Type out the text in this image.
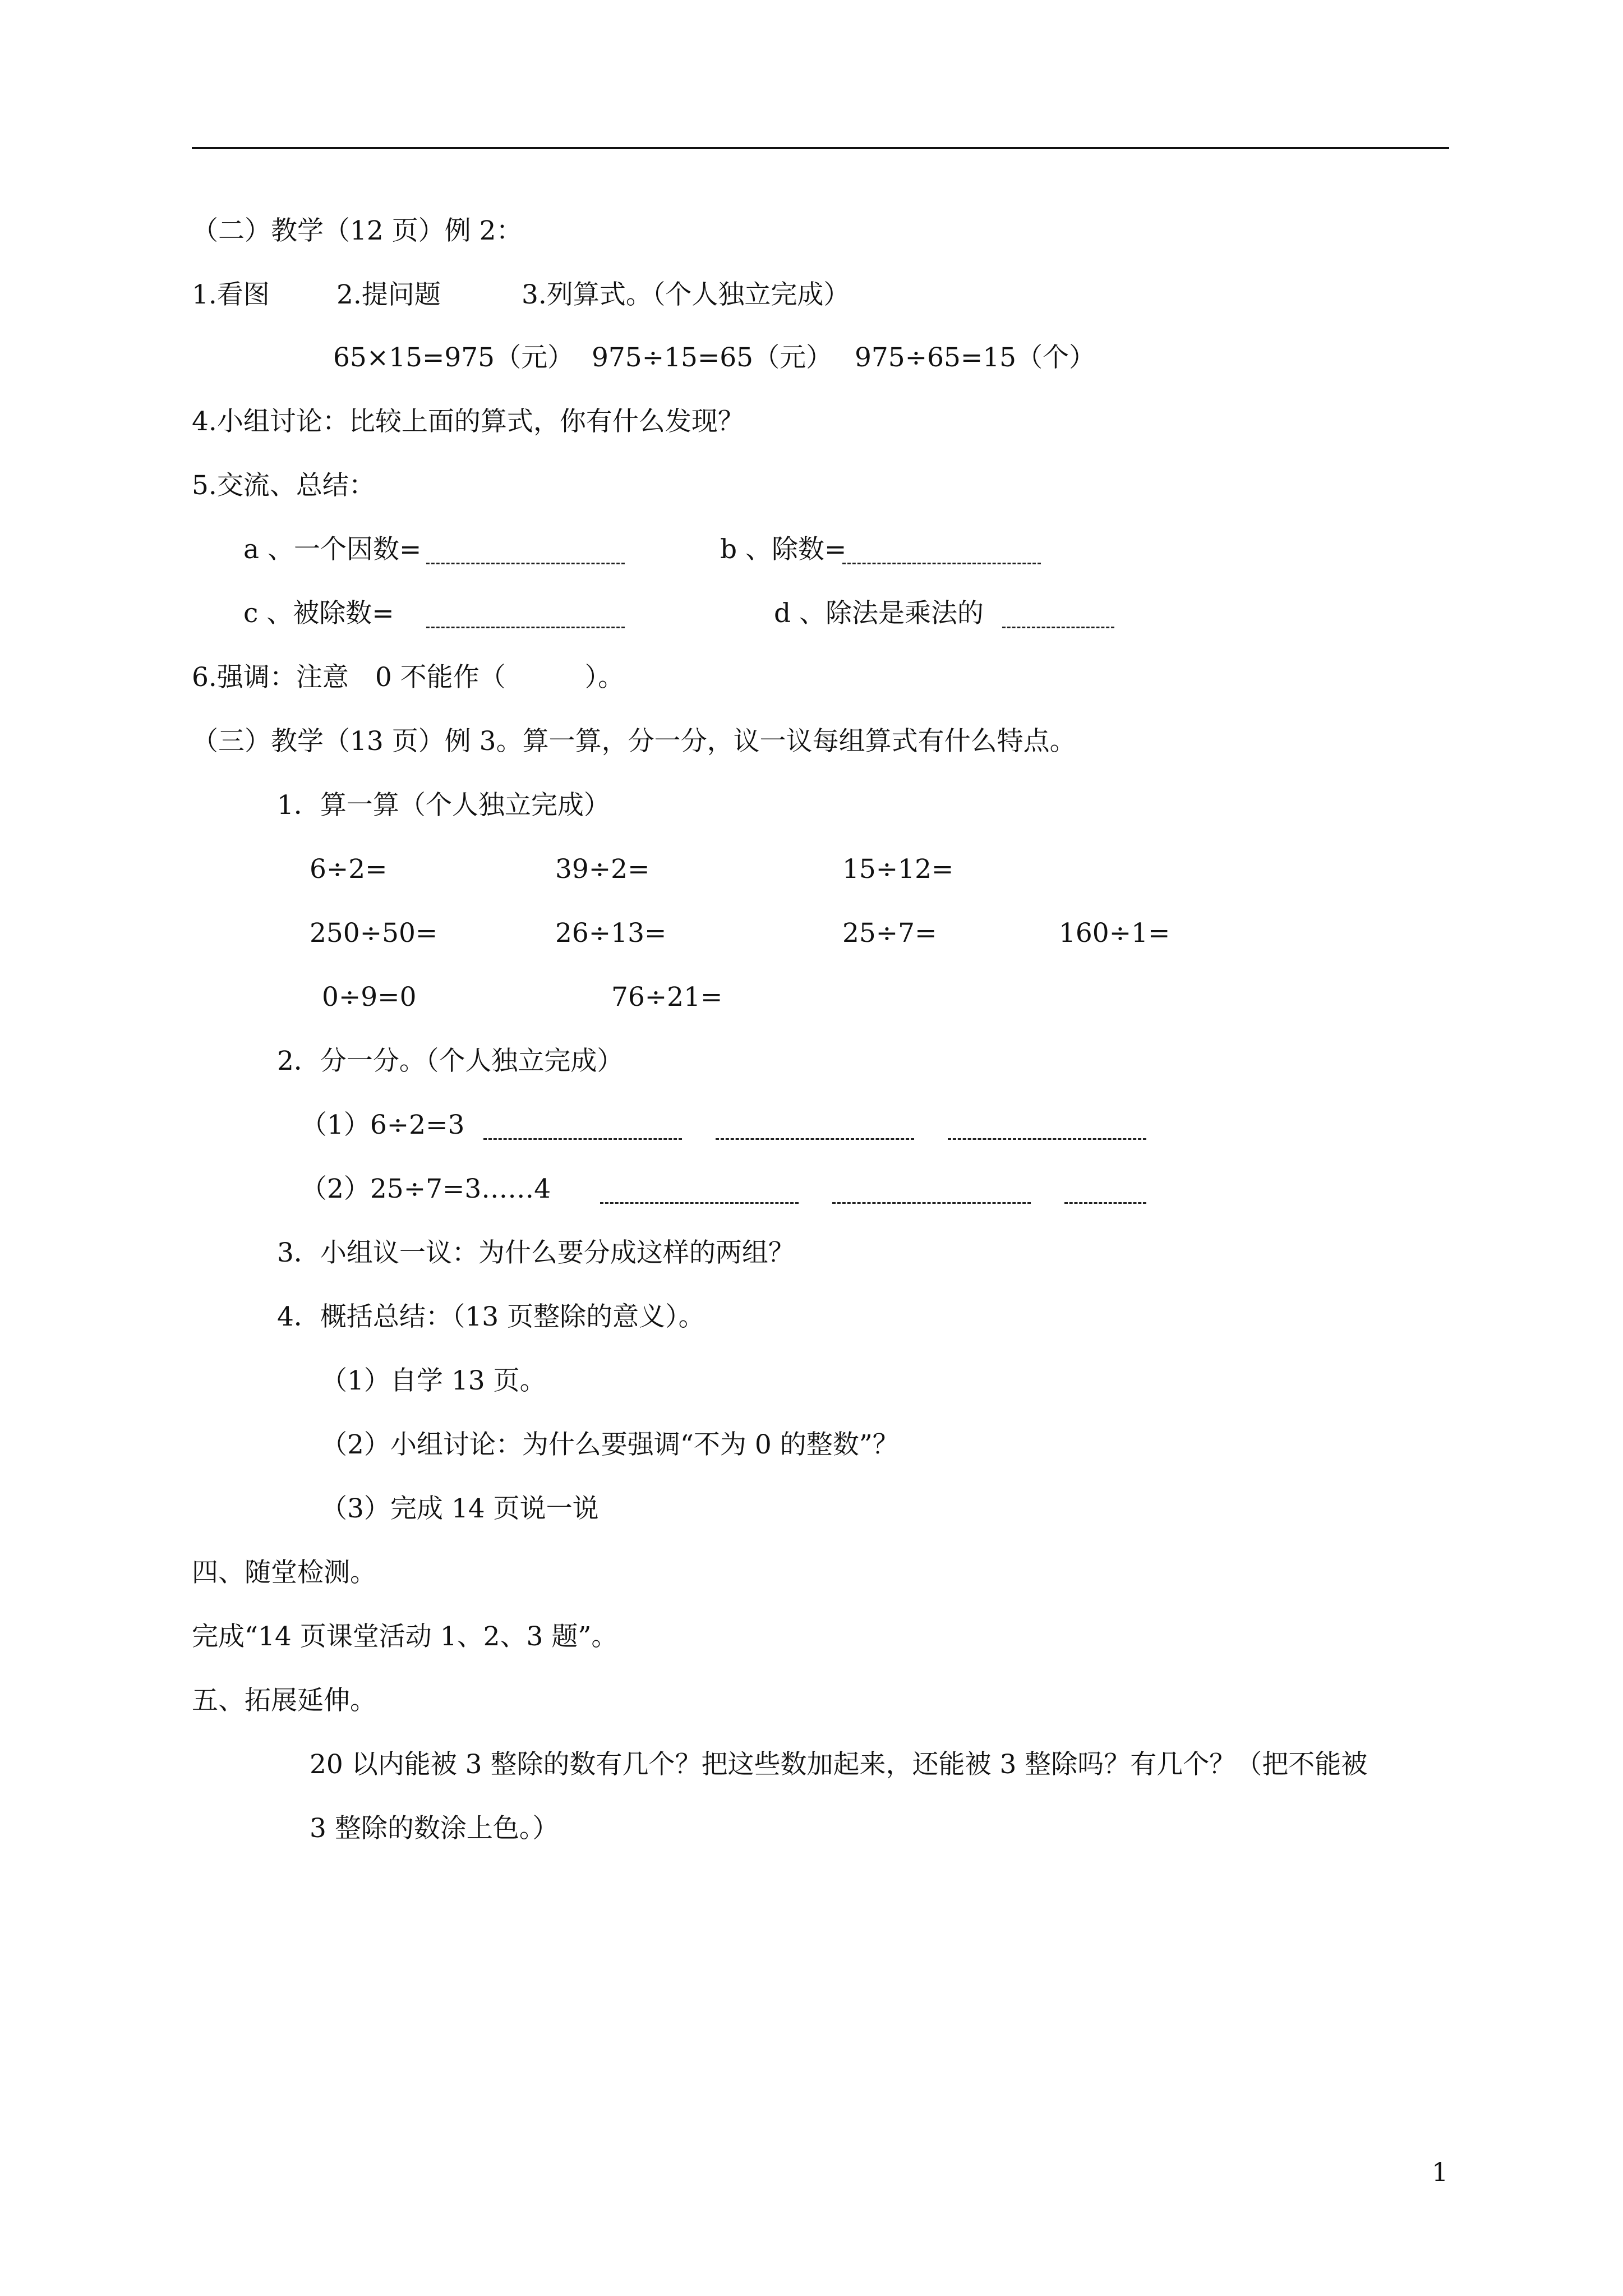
（二）教学（12 页）例 2：
1.看图	2.提问题	3.列算式。（个人独立完成）
65×15=975（元） 975÷15=65（元） 975÷65=15（个）
4.小组讨论：比较上面的算式，你有什么发现？
5.交流、总结：
a 、一个因数=	b 、除数=
c 、被除数=	d 、除法是乘法的
6.强调：注意　0 不能作（　　　）。
（三）教学（13 页）例 3。算一算，分一分，议一议每组算式有什么特点。
1．算一算（个人独立完成）
6÷2=	39÷2=	15÷12=
250÷50=	26÷13=	25÷7=	160÷1=
0÷9=0	76÷21=
2．分一分。（个人独立完成）
（1）6÷2=3
（2）25÷7=3……4
3．小组议一议：为什么要分成这样的两组？
4．概括总结：（13 页整除的意义）。
（1）自学 13 页。
（2）小组讨论：为什么要强调“不为 0 的整数”？
（3）完成 14 页说一说
四、随堂检测。
完成“14 页课堂活动 1、2、3 题”。
五、拓展延伸。
20 以内能被 3 整除的数有几个？把这些数加起来，还能被 3 整除吗？有几个？（把不能被
3 整除的数涂上色。）
1
